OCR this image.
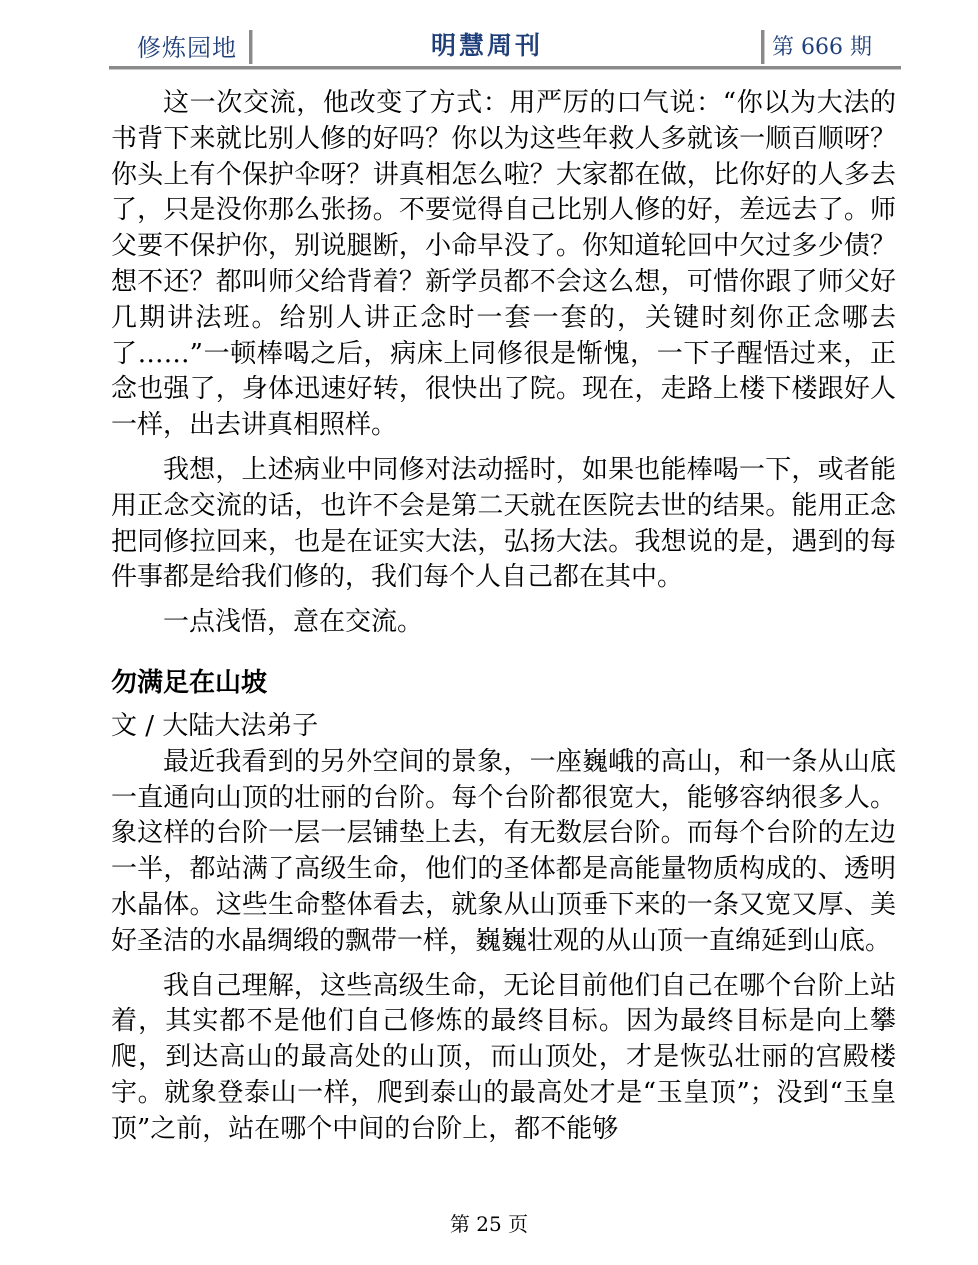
修炼园地	明慧周刊	第 666 期

这一次交流，他改变了方式：用严厉的口气说：“你以为大法的书背下来就比别人修的好吗？你以为这些年救人多就该一顺百顺呀？你头上有个保护伞呀？讲真相怎么啦？大家都在做，比你好的人多去了，只是没你那么张扬。不要觉得自己比别人修的好，差远去了。师父要不保护你，别说腿断，小命早没了。你知道轮回中欠过多少债？想不还？都叫师父给背着？新学员都不会这么想，可惜你跟了师父好几期讲法班。给别人讲正念时一套一套的，关键时刻你正念哪去了……”一顿棒喝之后，病床上同修很是惭愧，一下子醒悟过来，正念也强了，身体迅速好转，很快出了院。现在，走路上楼下楼跟好人一样，出去讲真相照样。

我想，上述病业中同修对法动摇时，如果也能棒喝一下，或者能用正念交流的话，也许不会是第二天就在医院去世的结果。能用正念把同修拉回来，也是在证实大法，弘扬大法。我想说的是，遇到的每件事都是给我们修的，我们每个人自己都在其中。

一点浅悟，意在交流。

勿满足在山坡

文 / 大陆大法弟子

最近我看到的另外空间的景象，一座巍峨的高山，和一条从山底一直通向山顶的壮丽的台阶。每个台阶都很宽大，能够容纳很多人。象这样的台阶一层一层铺垫上去，有无数层台阶。而每个台阶的左边一半，都站满了高级生命，他们的圣体都是高能量物质构成的、透明水晶体。这些生命整体看去，就象从山顶垂下来的一条又宽又厚、美好圣洁的水晶绸缎的飘带一样，巍巍壮观的从山顶一直绵延到山底。

我自己理解，这些高级生命，无论目前他们自己在哪个台阶上站着，其实都不是他们自己修炼的最终目标。因为最终目标是向上攀爬，到达高山的最高处的山顶，而山顶处，才是恢弘壮丽的宫殿楼宇。就象登泰山一样，爬到泰山的最高处才是“玉皇顶”；没到“玉皇顶”之前，站在哪个中间的台阶上，都不能够

第 25 页
